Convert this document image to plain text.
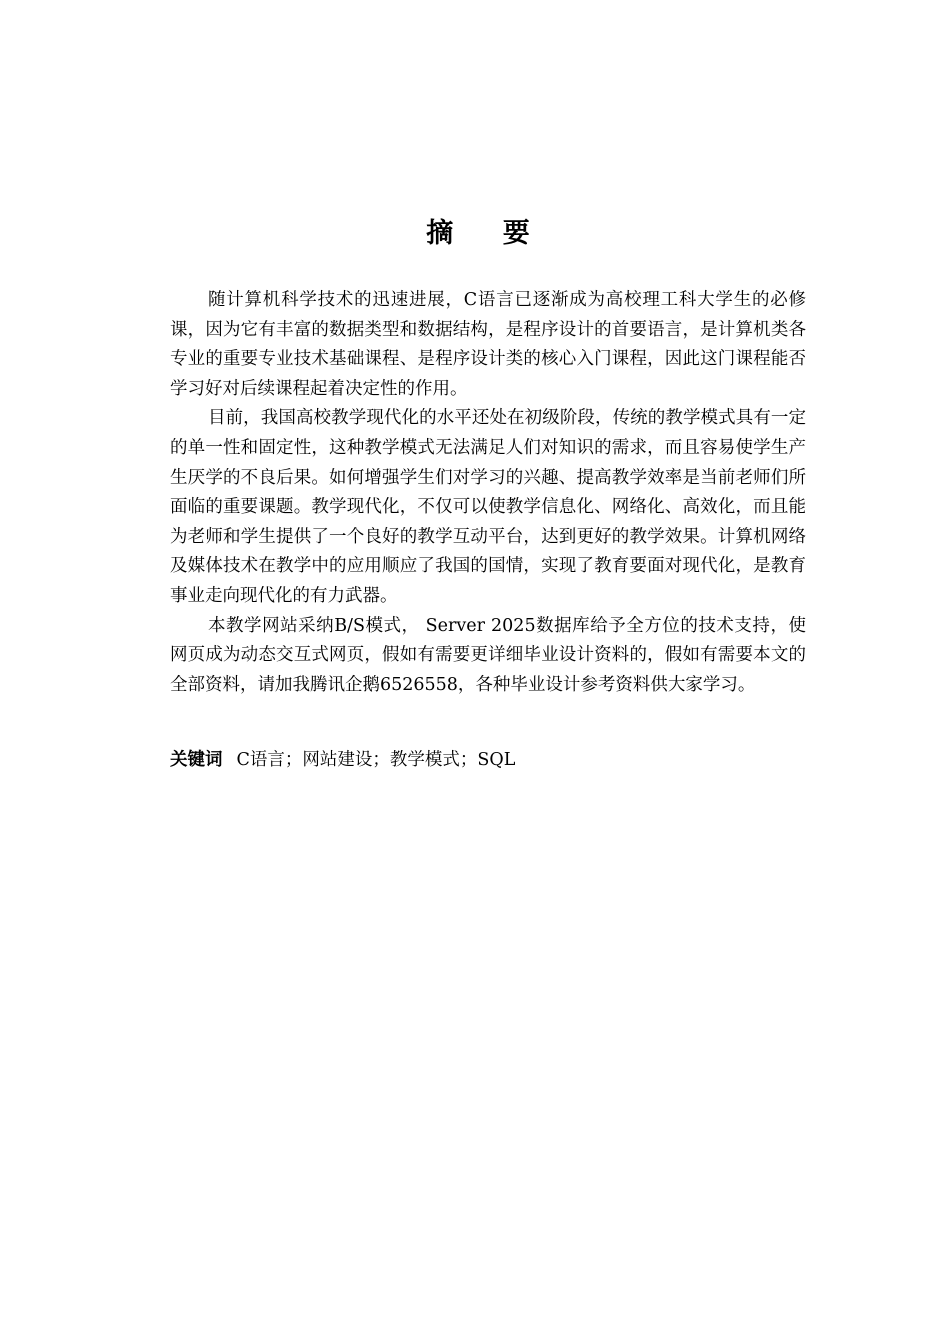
摘 要

随计算机科学技术的迅速进展，C语言已逐渐成为高校理工科大学生的必修课，因为它有丰富的数据类型和数据结构，是程序设计的首要语言，是计算机类各专业的重要专业技术基础课程、是程序设计类的核心入门课程，因此这门课程能否学习好对后续课程起着决定性的作用。

目前，我国高校教学现代化的水平还处在初级阶段，传统的教学模式具有一定的单一性和固定性，这种教学模式无法满足人们对知识的需求，而且容易使学生产生厌学的不良后果。如何增强学生们对学习的兴趣、提高教学效率是当前老师们所面临的重要课题。教学现代化，不仅可以使教学信息化、网络化、高效化，而且能为老师和学生提供了一个良好的教学互动平台，达到更好的教学效果。计算机网络及媒体技术在教学中的应用顺应了我国的国情，实现了教育要面对现代化，是教育事业走向现代化的有力武器。

本教学网站采纳B/S模式， Server 2025数据库给予全方位的技术支持，使网页成为动态交互式网页，假如有需要更详细毕业设计资料的，假如有需要本文的全部资料，请加我腾讯企鹅6526558，各种毕业设计参考资料供大家学习。

关键词 C语言；网站建设；教学模式；SQL
